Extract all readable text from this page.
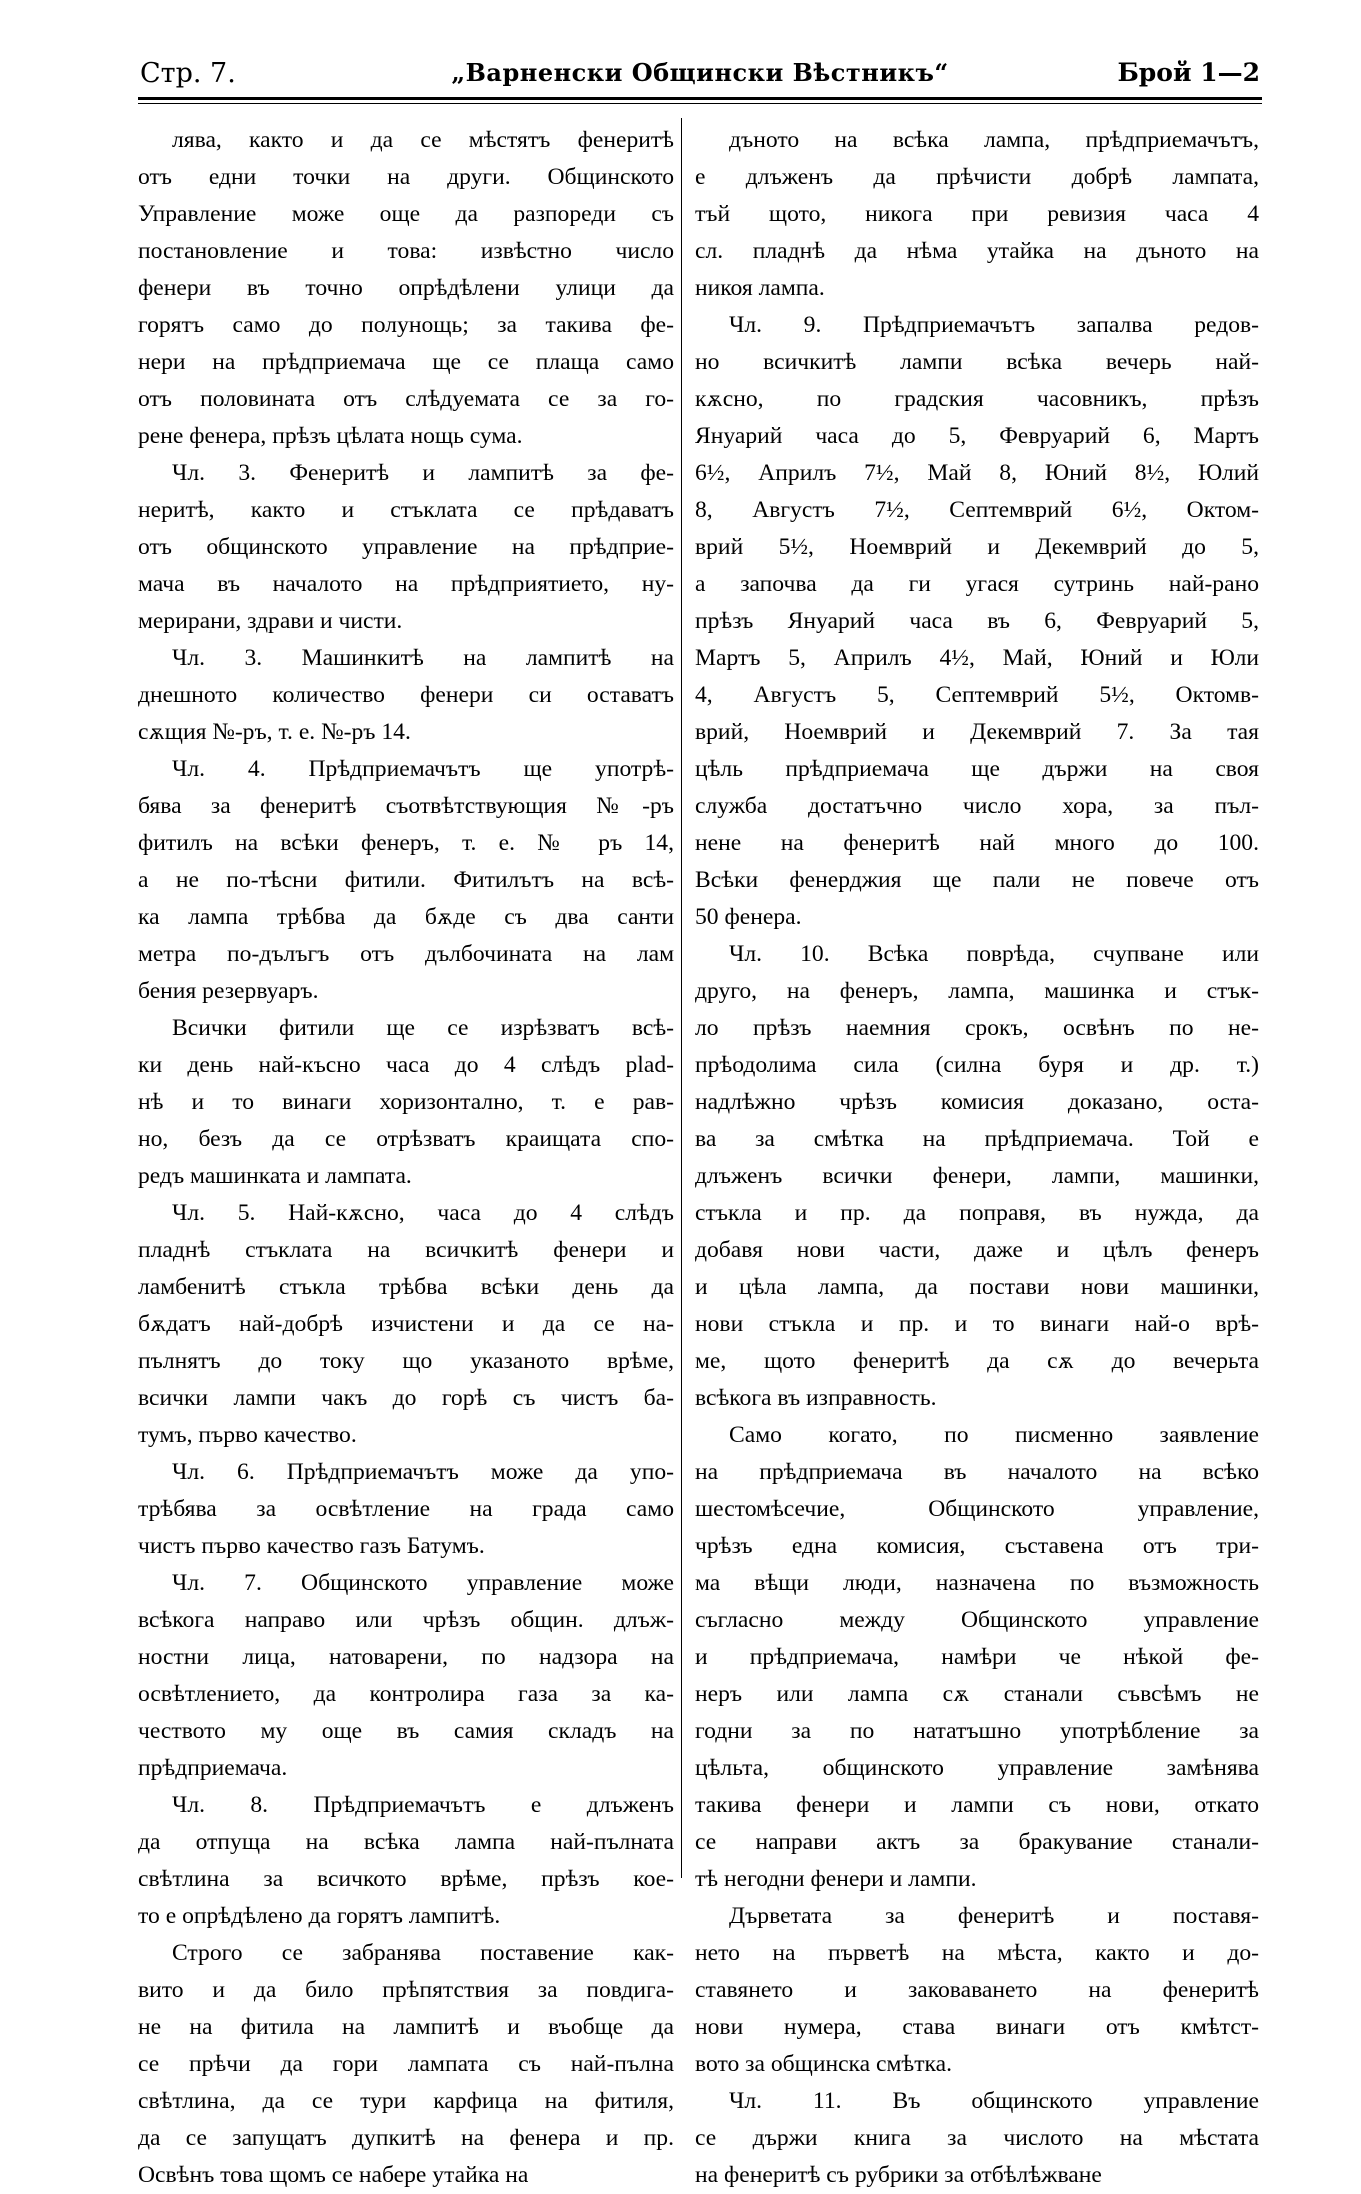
Стр. 7.	„Варненски Общински Вѣстникъ“	Брой 1—2

лява, както и да се мѣстятъ фенеритѣ
отъ едни точки на други. Общинското
Управление може още да разпореди съ
постановление и това: извѣстно число
фенери въ точно опрѣдѣлени улици да
горятъ само до полунощь; за такива фе-
нери на прѣдприемача ще се плаща само
отъ половината отъ слѣдуемата се за го-
рене фенера, прѣзъ цѣлата нощь сума.

Чл. 3. Фенеритѣ и лампитѣ за фе-
неритѣ, както и стъклата се прѣдаватъ
отъ общинското управление на прѣдприе-
мача въ началото на прѣдприятието, ну-
мерирани, здрави и чисти.

Чл. 3. Машинкитѣ на лампитѣ на
днешното количество фенери си оставатъ
сѫщия №-ръ, т. е. №-ръ 14.

Чл. 4. Прѣдприемачътъ ще употрѣ-
бява за фенеритѣ съотвѣтствующия №-ръ
фитилъ на всѣки фенеръ, т. е. № ръ 14,
а не по-тѣсни фитили. Фитилътъ на всѣ-
ка лампа трѣбва да бѫде съ два санти
метра по-дълъгъ отъ дълбочината на лам
бения резервуаръ.

Всички фитили ще се изрѣзватъ всѣ-
ки день най-късно часа до 4 слѣдъ plad-
нѣ и то винаги хоризонтално, т. е рав-
но, безъ да се отрѣзватъ краищата спо-
редъ машинката и лампата.

Чл. 5. Най-кѫсно, часа до 4 слѣдъ
пладнѣ стъклата на всичкитѣ фенери и
ламбенитѣ стъкла трѣбва всѣки день да
бѫдатъ най-добрѣ изчистени и да се на-
пълнятъ до току що указаното врѣме,
всички лампи чакъ до горѣ съ чистъ ба-
тумъ, първо качество.

Чл. 6. Прѣдприемачътъ може да упо-
трѣбява за освѣтление на града само
чистъ първо качество газъ Батумъ.

Чл. 7. Общинското управление може
всѣкога направо или чрѣзъ общин. длъж-
ностни лица, натоварени, по надзора на
освѣтлението, да контролира газа за ка-
чеството му още въ самия складъ на
прѣдприемача.

Чл. 8. Прѣдприемачътъ е длъженъ
да отпуща на всѣка лампа най-пълната
свѣтлина за всичкото врѣме, прѣзъ кое-
то е опрѣдѣлено да горятъ лампитѣ.

Строго се забранява поставение как-
вито и да било прѣпятствия за повдига-
не на фитила на лампитѣ и въобще да
се прѣчи да гори лампата съ най-пълна
свѣтлина, да се тури карфица на фитиля,
да се запущатъ дупкитѣ на фенера и пр.
Освѣнъ това щомъ се набере утайка на

дъното на всѣка лампа, прѣдприемачътъ,
е длъженъ да прѣчисти добрѣ лампата,
тъй щото, никога при ревизия часа 4
сл. пладнѣ да нѣма утайка на дъното на
никоя лампа.

Чл. 9. Прѣдприемачътъ запалва редов-
но всичкитѣ лампи всѣка вечерь най-
кѫсно, по градския часовникъ, прѣзъ
Януарий часа до 5, Февруарий 6, Мартъ
6½, Априлъ 7½, Май 8, Юний 8½, Юлий
8, Августъ 7½, Септемврий 6½, Октом-
врий 5½, Ноемврий и Декемврий до 5,
а започва да ги угася сутринь най-рано
прѣзъ Януарий часа въ 6, Февруарий 5,
Мартъ 5, Априлъ 4½, Май, Юний и Юли
4, Августъ 5, Септемврий 5½, Октомв-
врий, Ноемврий и Декемврий 7. За тая
цѣль прѣдприемача ще държи на своя
служба достатъчно число хора, за пъл-
нене на фенеритѣ най много до 100.
Всѣки фенерджия ще пали не повече отъ
50 фенера.

Чл. 10. Всѣка поврѣда, счупване или
друго, на фенеръ, лампа, машинка и стък-
ло прѣзъ наемния срокъ, освѣнъ по не-
прѣодолима сила (силна буря и др. т.)
надлѣжно чрѣзъ комисия доказано, оста-
ва за смѣтка на прѣдприемача. Той е
длъженъ всички фенери, лампи, машинки,
стъкла и пр. да поправя, въ нужда, да
добавя нови части, даже и цѣлъ фенеръ
и цѣла лампа, да постави нови машинки,
нови стъкла и пр. и то винаги най-о врѣ-
ме, щото фенеритѣ да сѫ до вечерьта
всѣкога въ изправность.

Само когато, по писменно заявление
на прѣдприемача въ началото на всѣко
шестомѣсечие, Общинското управление,
чрѣзъ една комисия, съставена отъ три-
ма вѣщи люди, назначена по възможность
съгласно между Общинското управление
и прѣдприемача, намѣри че нѣкой фе-
неръ или лампа сѫ станали съвсѣмъ не
годни за по нататъшно употрѣбление за
цѣльта, общинското управление замѣнява
такива фенери и лампи съ нови, откато
се направи актъ за бракувание станали-
тѣ негодни фенери и лампи.

Дърветата за фенеритѣ и поставя-
нето на първетѣ на мѣста, както и до-
ставянето и заковаването на фенеритѣ
нови нумера, става винаги отъ кмѣтст-
вото за общинска смѣтка.

Чл. 11. Въ общинското управление
се държи книга за числото на мѣстата
на фенеритѣ съ рубрики за отбѣлѣжване
